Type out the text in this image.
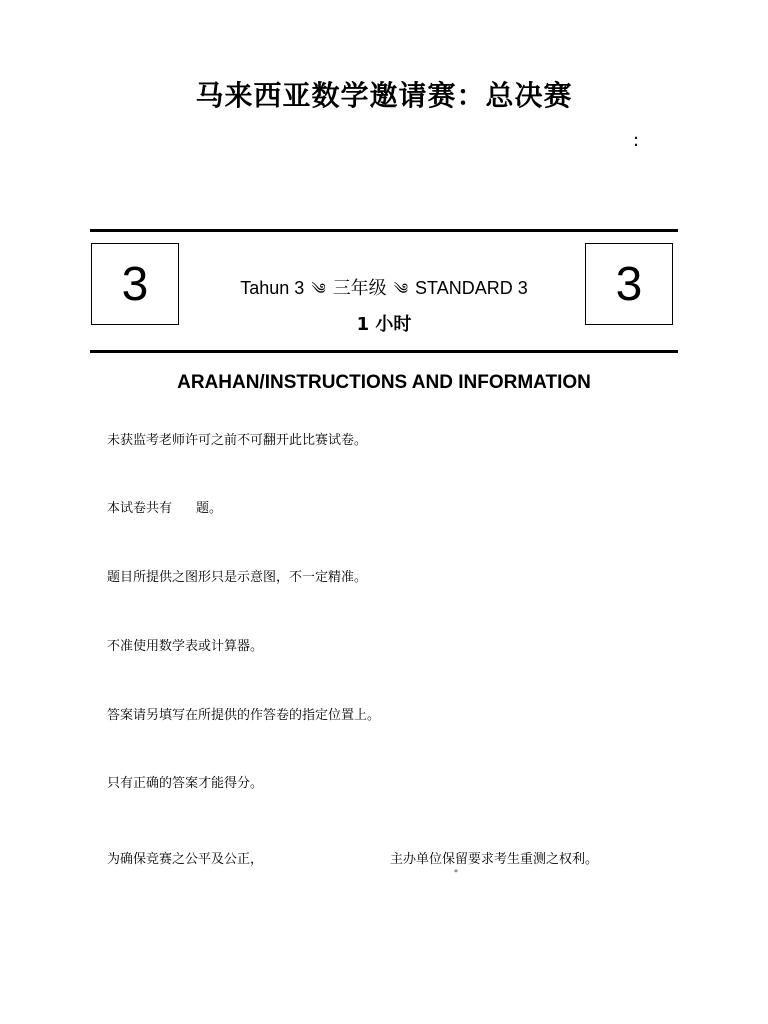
马来西亚数学邀请赛：总决赛
:
3	Tahun 3 ༄ 三年级 ༄ STANDARD 3
1 小时
3
ARAHAN/INSTRUCTIONS AND INFORMATION
未获监考老师许可之前不可翻开此比赛试卷。
本试卷共有 题。
题目所提供之图形只是示意图，不一定精准。
不准使用数学表或计算器。
答案请另填写在所提供的作答卷的指定位置上。
只有正确的答案才能得分。
为确保竞赛之公平及公正，	主办单位保留要求考生重测之权利。
*
